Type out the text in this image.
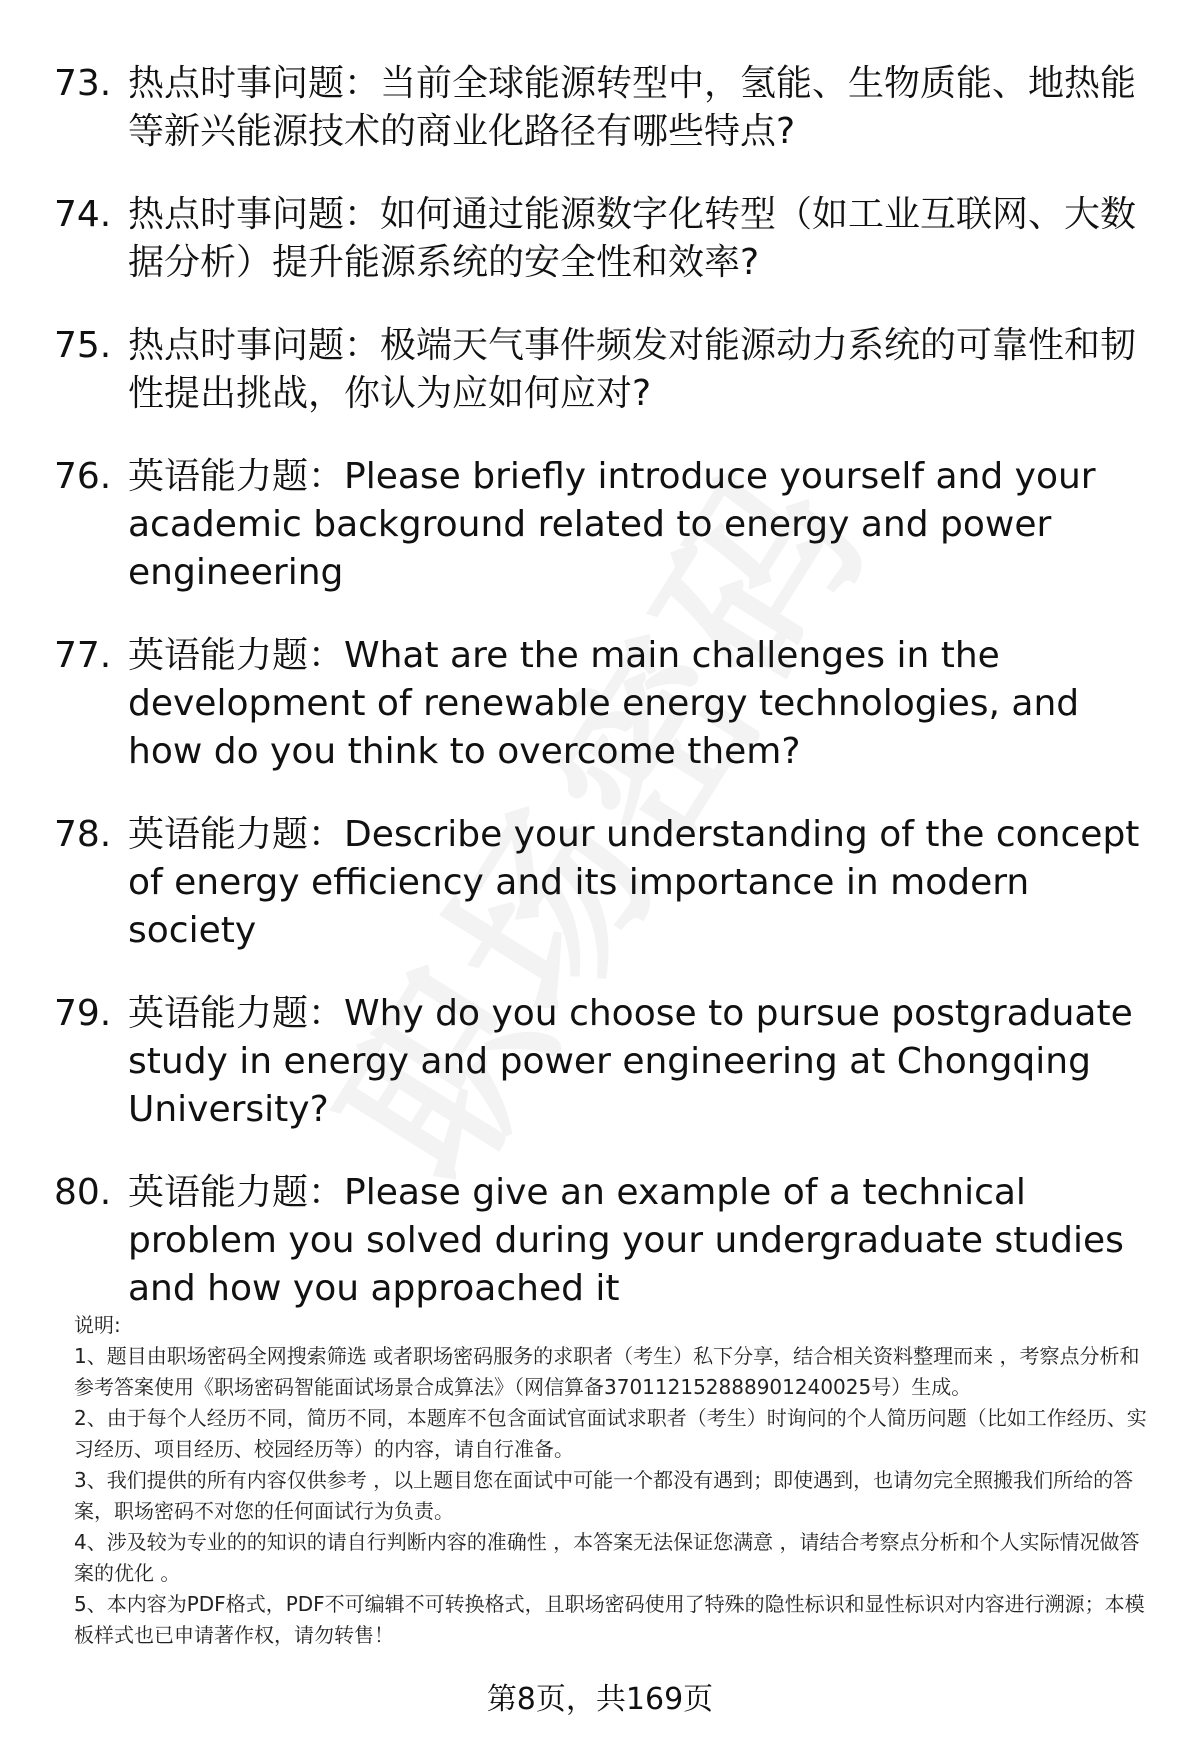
73. 热点时事问题：当前全球能源转型中，氢能、生物质能、地热能等新兴能源技术的商业化路径有哪些特点?
74. 热点时事问题：如何通过能源数字化转型（如工业互联网、大数据分析）提升能源系统的安全性和效率?
75. 热点时事问题：极端天气事件频发对能源动力系统的可靠性和韧性提出挑战，你认为应如何应对?
76. 英语能力题：Please briefly introduce yourself and your academic background related to energy and power engineering
77. 英语能力题：What are the main challenges in the development of renewable energy technologies, and how do you think to overcome them?
78. 英语能力题：Describe your understanding of the concept of energy efficiency and its importance in modern society
79. 英语能力题：Why do you choose to pursue postgraduate study in energy and power engineering at Chongqing University?
80. 英语能力题：Please give an example of a technical problem you solved during your undergraduate studies and how you approached it

说明:

1、题目由职场密码全网搜索筛选 或者职场密码服务的求职者（考生）私下分享，结合相关资料整理而来 ，考察点分析和参考答案使用《职场密码智能面试场景合成算法》（网信算备370112152888901240025号）生成。

2、由于每个人经历不同，简历不同，本题库不包含面试官面试求职者（考生）时询问的个人简历问题（比如工作经历、实习经历、项目经历、校园经历等）的内容，请自行准备。

3、我们提供的所有内容仅供参考 ，以上题目您在面试中可能一个都没有遇到；即使遇到，也请勿完全照搬我们所给的答案，职场密码不对您的任何面试行为负责。

4、涉及较为专业的的知识的请自行判断内容的准确性 ，本答案无法保证您满意 ，请结合考察点分析和个人实际情况做答案的优化 。

5、本内容为PDF格式，PDF不可编辑不可转换格式，且职场密码使用了特殊的隐性标识和显性标识对内容进行溯源；本模板样式也已申请著作权，请勿转售！

第8页，共169页
